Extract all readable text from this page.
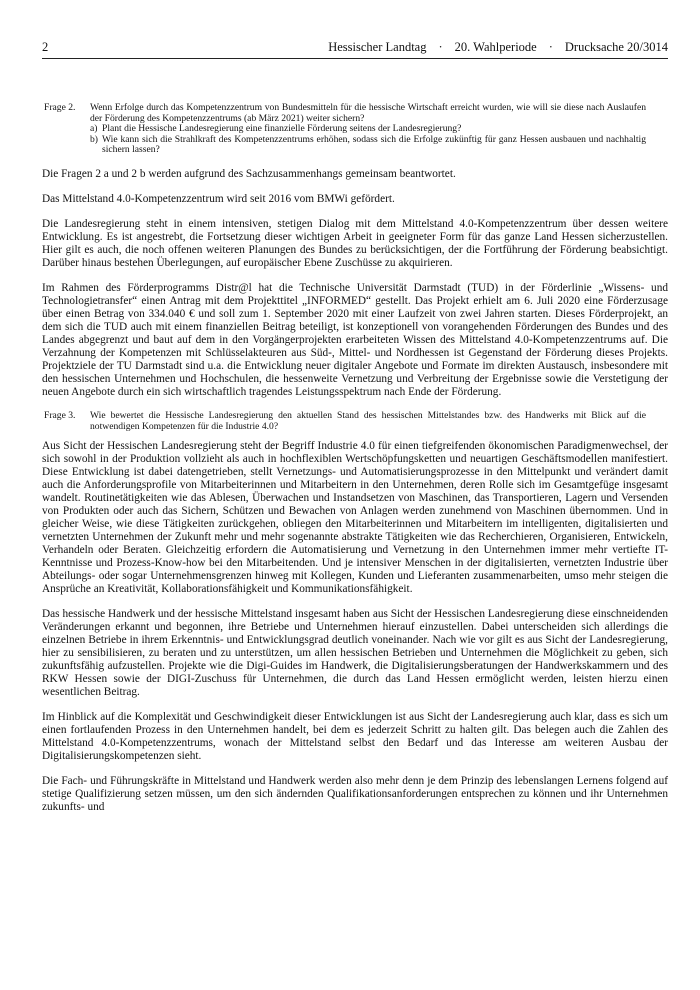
2	Hessischer Landtag · 20. Wahlperiode · Drucksache 20/3014
Frage 2.	Wenn Erfolge durch das Kompetenzzentrum von Bundesmitteln für die hessische Wirtschaft erreicht wurden, wie will sie diese nach Auslaufen der Förderung des Kompetenzzentrums (ab März 2021) weiter sichern?
a) Plant die Hessische Landesregierung eine finanzielle Förderung seitens der Landesregierung?
b) Wie kann sich die Strahlkraft des Kompetenzzentrums erhöhen, sodass sich die Erfolge zukünftig für ganz Hessen ausbauen und nachhaltig sichern lassen?

Die Fragen 2 a und 2 b werden aufgrund des Sachzusammenhangs gemeinsam beantwortet.

Das Mittelstand 4.0-Kompetenzzentrum wird seit 2016 vom BMWi gefördert.

Die Landesregierung steht in einem intensiven, stetigen Dialog mit dem Mittelstand 4.0-Kompetenzzentrum über dessen weitere Entwicklung. Es ist angestrebt, die Fortsetzung dieser wichtigen Arbeit in geeigneter Form für das ganze Land Hessen sicherzustellen. Hier gilt es auch, die noch offenen weiteren Planungen des Bundes zu berücksichtigen, der die Fortführung der Förderung beabsichtigt. Darüber hinaus bestehen Überlegungen, auf europäischer Ebene Zuschüsse zu akquirieren.

Im Rahmen des Förderprogramms Distr@l hat die Technische Universität Darmstadt (TUD) in der Förderlinie „Wissens- und Technologietransfer“ einen Antrag mit dem Projekttitel „INFORMED“ gestellt. Das Projekt erhielt am 6. Juli 2020 eine Förderzusage über einen Betrag von 334.040 € und soll zum 1. September 2020 mit einer Laufzeit von zwei Jahren starten. Dieses Förderprojekt, an dem sich die TUD auch mit einem finanziellen Beitrag beteiligt, ist konzeptionell von vorangehenden Förderungen des Bundes und des Landes abgegrenzt und baut auf dem in den Vorgängerprojekten erarbeiteten Wissen des Mittelstand 4.0-Kompetenzzentrums auf. Die Verzahnung der Kompetenzen mit Schlüsselakteuren aus Süd-, Mittel- und Nordhessen ist Gegenstand der Förderung dieses Projekts. Projektziele der TU Darmstadt sind u.a. die Entwicklung neuer digitaler Angebote und Formate im direkten Austausch, insbesondere mit den hessischen Unternehmen und Hochschulen, die hessenweite Vernetzung und Verbreitung der Ergebnisse sowie die Verstetigung der neuen Angebote durch ein sich wirtschaftlich tragendes Leistungsspektrum nach Ende der Förderung.

Frage 3.	Wie bewertet die Hessische Landesregierung den aktuellen Stand des hessischen Mittelstandes bzw. des Handwerks mit Blick auf die notwendigen Kompetenzen für die Industrie 4.0?

Aus Sicht der Hessischen Landesregierung steht der Begriff Industrie 4.0 für einen tiefgreifenden ökonomischen Paradigmenwechsel, der sich sowohl in der Produktion vollzieht als auch in hochflexiblen Wertschöpfungsketten und neuartigen Geschäftsmodellen manifestiert. Diese Entwicklung ist dabei datengetrieben, stellt Vernetzungs- und Automatisierungsprozesse in den Mittelpunkt und verändert damit auch die Anforderungsprofile von Mitarbeiterinnen und Mitarbeitern in den Unternehmen, deren Rolle sich im Gesamtgefüge insgesamt wandelt. Routinetätigkeiten wie das Ablesen, Überwachen und Instandsetzen von Maschinen, das Transportieren, Lagern und Versenden von Produkten oder auch das Sichern, Schützen und Bewachen von Anlagen werden zunehmend von Maschinen übernommen. Und in gleicher Weise, wie diese Tätigkeiten zurückgehen, obliegen den Mitarbeiterinnen und Mitarbeitern im intelligenten, digitalisierten und vernetzten Unternehmen der Zukunft mehr und mehr sogenannte abstrakte Tätigkeiten wie das Recherchieren, Organisieren, Entwickeln, Verhandeln oder Beraten. Gleichzeitig erfordern die Automatisierung und Vernetzung in den Unternehmen immer mehr vertiefte IT-Kenntnisse und Prozess-Know-how bei den Mitarbeitenden. Und je intensiver Menschen in der digitalisierten, vernetzten Industrie über Abteilungs- oder sogar Unternehmensgrenzen hinweg mit Kollegen, Kunden und Lieferanten zusammenarbeiten, umso mehr steigen die Ansprüche an Kreativität, Kollaborationsfähigkeit und Kommunikationsfähigkeit.

Das hessische Handwerk und der hessische Mittelstand insgesamt haben aus Sicht der Hessischen Landesregierung diese einschneidenden Veränderungen erkannt und begonnen, ihre Betriebe und Unternehmen hierauf einzustellen. Dabei unterscheiden sich allerdings die einzelnen Betriebe in ihrem Erkenntnis- und Entwicklungsgrad deutlich voneinander. Nach wie vor gilt es aus Sicht der Landesregierung, hier zu sensibilisieren, zu beraten und zu unterstützen, um allen hessischen Betrieben und Unternehmen die Möglichkeit zu geben, sich zukunftsfähig aufzustellen. Projekte wie die Digi-Guides im Handwerk, die Digitalisierungsberatungen der Handwerkskammern und des RKW Hessen sowie der DIGI-Zuschuss für Unternehmen, die durch das Land Hessen ermöglicht werden, leisten hierzu einen wesentlichen Beitrag.

Im Hinblick auf die Komplexität und Geschwindigkeit dieser Entwicklungen ist aus Sicht der Landesregierung auch klar, dass es sich um einen fortlaufenden Prozess in den Unternehmen handelt, bei dem es jederzeit Schritt zu halten gilt. Das belegen auch die Zahlen des Mittelstand 4.0-Kompetenzzentrums, wonach der Mittelstand selbst den Bedarf und das Interesse am weiteren Ausbau der Digitalisierungskompetenzen sieht.

Die Fach- und Führungskräfte in Mittelstand und Handwerk werden also mehr denn je dem Prinzip des lebenslangen Lernens folgend auf stetige Qualifizierung setzen müssen, um den sich ändernden Qualifikationsanforderungen entsprechen zu können und ihr Unternehmen zukunfts- und
